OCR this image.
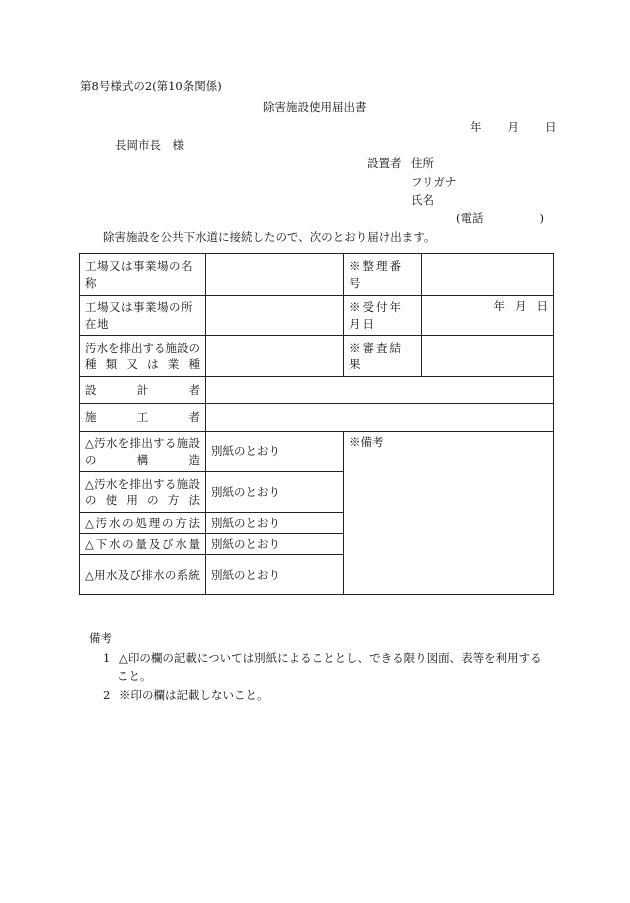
第8号様式の2(第10条関係)
除害施設使用届出書
年 月 日
長岡市長　様
設置者 住所
フリガナ
氏名
(電話	)
除害施設を公共下水道に接続したので、次のとおり届け出ます。
工場又は事業場の名称		※整理番号	
工場又は事業場の所在地		※受付年月日	年 月 日
汚水を排出する施設の種類又は業種		※審査結果	
設計者			
施工者			
△汚水を排出する施設の構造	別紙のとおり	※備考	
△汚水を排出する施設の使用の方法	別紙のとおり		
△汚水の処理の方法	別紙のとおり		
△下水の量及び水量	別紙のとおり		
△用水及び排水の系統	別紙のとおり		
備考
1 △印の欄の記載については別紙によることとし、できる限り図面、表等を利用する
こと。
2 ※印の欄は記載しないこと。
